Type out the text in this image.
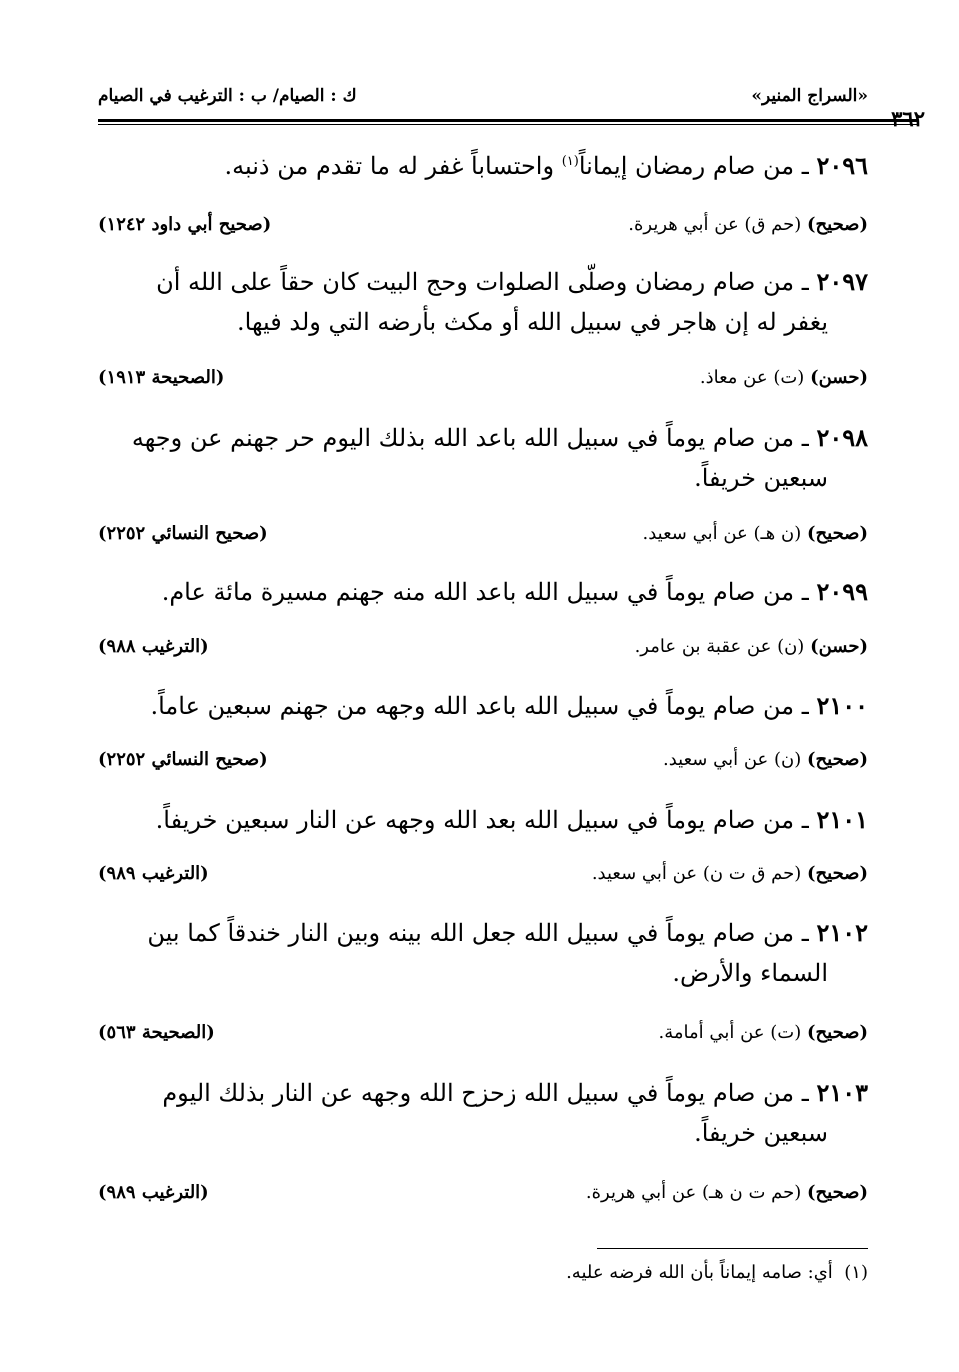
«السراج المنير»
ك : الصيام/ ب : الترغيب في الصيام
٣٦٢
٢٠٩٦ ـ من صام رمضان إيماناً$^{(١)}$ واحتساباً غفر له ما تقدم من ذنبه.
(صحيح) (حم ق) عن أبي هريرة.
(صحيح أبي داود ١٢٤٢)
٢٠٩٧ ـ من صام رمضان وصلّى الصلوات وحج البيت كان حقاً على الله أن
يغفر له إن هاجر في سبيل الله أو مكث بأرضه التي ولد فيها.
(حسن) (ت) عن معاذ.
(الصحيحة ١٩١٣)
٢٠٩٨ ـ من صام يوماً في سبيل الله باعد الله بذلك اليوم حر جهنم عن وجهه
سبعين خريفاً.
(صحيح) (ن هـ) عن أبي سعيد.
(صحيح النسائي ٢٢٥٢)
٢٠٩٩ ـ من صام يوماً في سبيل الله باعد الله منه جهنم مسيرة مائة عام.
(حسن) (ن) عن عقبة بن عامر.
(الترغيب ٩٨٨)
٢١٠٠ ـ من صام يوماً في سبيل الله باعد الله وجهه من جهنم سبعين عاماً.
(صحيح) (ن) عن أبي سعيد.
(صحيح النسائي ٢٢٥٢)
٢١٠١ ـ من صام يوماً في سبيل الله بعد الله وجهه عن النار سبعين خريفاً.
(صحيح) (حم ق ت ن) عن أبي سعيد.
(الترغيب ٩٨٩)
٢١٠٢ ـ من صام يوماً في سبيل الله جعل الله بينه وبين النار خندقاً كما بين
السماء والأرض.
(صحيح) (ت) عن أبي أمامة.
(الصحيحة ٥٦٣)
٢١٠٣ ـ من صام يوماً في سبيل الله زحزح الله وجهه عن النار بذلك اليوم
سبعين خريفاً.
(صحيح) (حم ت ن هـ) عن أبي هريرة.
(الترغيب ٩٨٩)
(١)  أي: صامه إيماناً بأن الله فرضه عليه.
